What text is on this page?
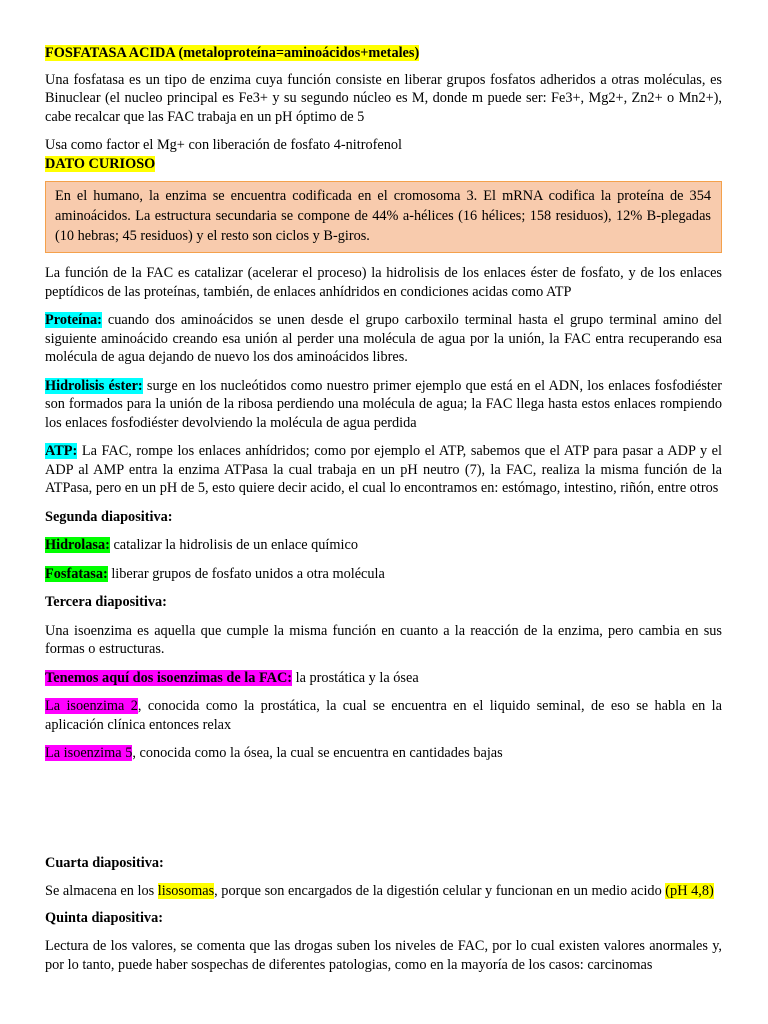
FOSFATASA ACIDA (metaloproteína=aminoácidos+metales)

Una fosfatasa es un tipo de enzima cuya función consiste en liberar grupos fosfatos adheridos a otras moléculas, es Binuclear (el nucleo principal es Fe3+ y su segundo núcleo es M, donde m puede ser: Fe3+, Mg2+, Zn2+ o Mn2+), cabe recalcar que las FAC trabaja en un pH óptimo de 5

Usa como factor el Mg+ con liberación de fosfato 4-nitrofenol

DATO CURIOSO

En el humano, la enzima se encuentra codificada en el cromosoma 3. El mRNA codifica la proteína de 354 aminoácidos. La estructura secundaria se compone de 44% a-hélices (16 hélices; 158 residuos), 12% B-plegadas (10 hebras; 45 residuos) y el resto son ciclos y B-giros.

La función de la FAC es catalizar (acelerar el proceso) la hidrolisis de los enlaces éster de fosfato, y de los enlaces peptídicos de las proteínas, también, de enlaces anhídridos en condiciones acidas como ATP

Proteína: cuando dos aminoácidos se unen desde el grupo carboxilo terminal hasta el grupo terminal amino del siguiente aminoácido creando esa unión al perder una molécula de agua por la unión, la FAC entra recuperando esa molécula de agua dejando de nuevo los dos aminoácidos libres.

Hidrolisis éster: surge en los nucleótidos como nuestro primer ejemplo que está en el ADN, los enlaces fosfodiéster son formados para la unión de la ribosa perdiendo una molécula de agua; la FAC llega hasta estos enlaces rompiendo los enlaces fosfodiéster devolviendo la molécula de agua perdida

ATP: La FAC, rompe los enlaces anhídridos; como por ejemplo el ATP, sabemos que el ATP para pasar a ADP y el ADP al AMP entra la enzima ATPasa la cual trabaja en un pH neutro (7), la FAC, realiza la misma función de la ATPasa, pero en un pH de 5, esto quiere decir acido, el cual lo encontramos en: estómago, intestino, riñón, entre otros

Segunda diapositiva:

Hidrolasa: catalizar la hidrolisis de un enlace químico

Fosfatasa: liberar grupos de fosfato unidos a otra molécula

Tercera diapositiva:

Una isoenzima es aquella que cumple la misma función en cuanto a la reacción de la enzima, pero cambia en sus formas o estructuras.

Tenemos aquí dos isoenzimas de la FAC: la prostática y la ósea

La isoenzima 2, conocida como la prostática, la cual se encuentra en el liquido seminal, de eso se habla en la aplicación clínica entonces relax

La isoenzima 5, conocida como la ósea, la cual se encuentra en cantidades bajas

Cuarta diapositiva:

Se almacena en los lisosomas, porque son encargados de la digestión celular y funcionan en un medio acido (pH 4,8)

Quinta diapositiva:

Lectura de los valores, se comenta que las drogas suben los niveles de FAC, por lo cual existen valores anormales y, por lo tanto, puede haber sospechas de diferentes patologias, como en la mayoría de los casos: carcinomas
